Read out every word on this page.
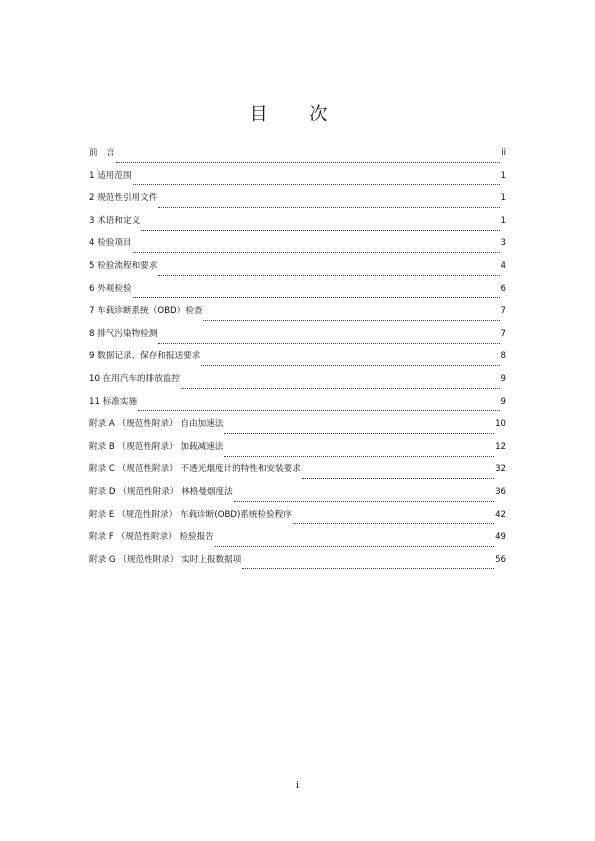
目 次
前　言	ii
1 适用范围	1
2 规范性引用文件	1
3 术语和定义	1
4 检验项目	3
5 检验流程和要求	4
6 外观检验	6
7 车载诊断系统（OBD）检查	7
8 排气污染物检测	7
9 数据记录、保存和报送要求	8
10 在用汽车的排放监控	9
11 标准实施	9
附录 A （规范性附录） 自由加速法	10
附录 B （规范性附录） 加载减速法	12
附录 C （规范性附录） 不透光烟度计的特性和安装要求	32
附录 D （规范性附录） 林格曼烟度法	36
附录 E （规范性附录） 车载诊断(OBD)系统检验程序	42
附录 F （规范性附录） 检验报告	49
附录 G （规范性附录） 实时上报数据项	56
i
